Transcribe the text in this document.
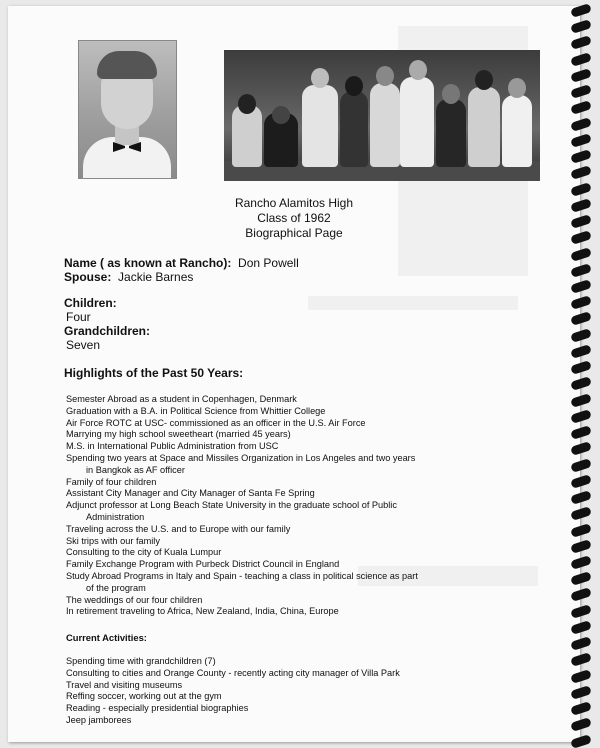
Rancho Alamitos High
Class of 1962
Biographical Page
Name ( as known at Rancho): Don Powell
Spouse: Jackie Barnes
Children:
Four
Grandchildren:
Seven
Highlights of the Past 50 Years:
Semester Abroad as a student in Copenhagen, Denmark
Graduation with a B.A. in Political Science from Whittier College
Air Force ROTC at USC- commissioned as an officer in the U.S. Air Force
Marrying my high school sweetheart (married 45 years)
M.S. in International Public Administration from USC
Spending two years at Space and Missiles Organization in Los Angeles and two years
in Bangkok as AF officer
Family of four children
Assistant City Manager and City Manager of Santa Fe Spring
Adjunct professor at Long Beach State University in the graduate school of Public
Administration
Traveling across the U.S. and to Europe with our family
Ski trips with our family
Consulting to the city of Kuala Lumpur
Family Exchange Program with Purbeck District Council in England
Study Abroad Programs in Italy and Spain - teaching a class in political science as part
of the program
The weddings of our four children
In retirement traveling to Africa, New Zealand, India, China, Europe
Current Activities:
Spending time with grandchildren (7)
Consulting to cities and Orange County - recently acting city manager of Villa Park
Travel and visiting museums
Reffing soccer, working out at the gym
Reading - especially presidential biographies
Jeep jamborees
